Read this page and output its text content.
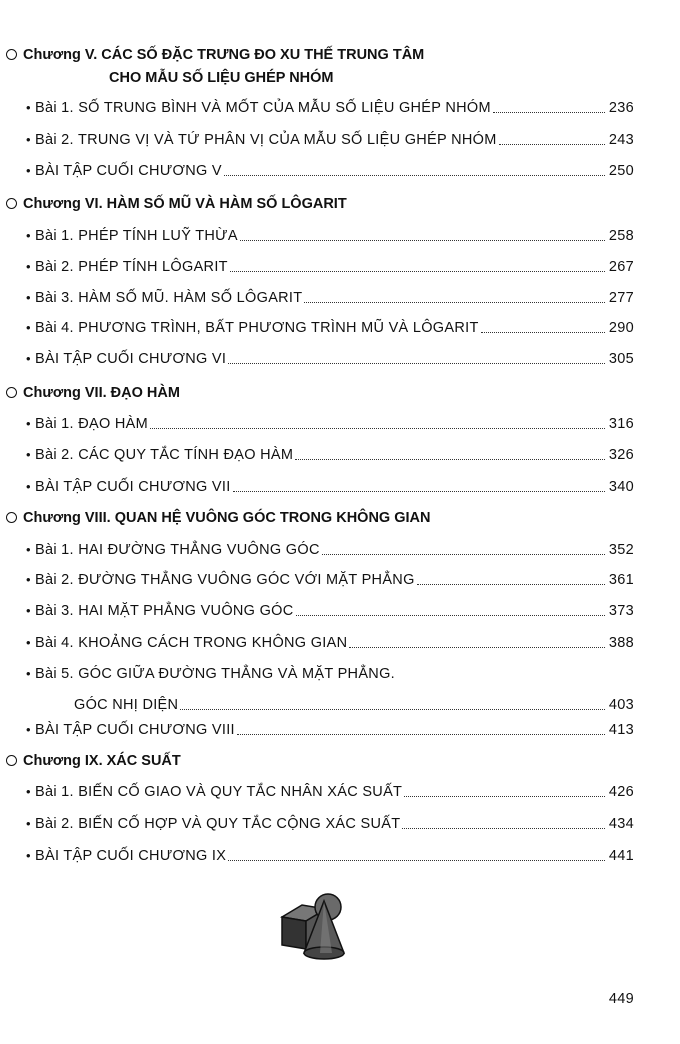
Chương V. CÁC SỐ ĐẶC TRƯNG ĐO XU THẾ TRUNG TÂM
CHO MẪU SỐ LIỆU GHÉP NHÓM
• Bài 1. SỐ TRUNG BÌNH VÀ MỐT CỦA MẪU SỐ LIỆU GHÉP NHÓM	236
• Bài 2. TRUNG VỊ VÀ TỨ PHÂN VỊ CỦA MẪU SỐ LIỆU GHÉP NHÓM	243
• BÀI TẬP CUỐI CHƯƠNG V	250
Chương VI. HÀM SỐ MŨ VÀ HÀM SỐ LÔGARIT
• Bài 1. PHÉP TÍNH LUỸ THỪA	258
• Bài 2. PHÉP TÍNH LÔGARIT	267
• Bài 3. HÀM SỐ MŨ. HÀM SỐ LÔGARIT	277
• Bài 4. PHƯƠNG TRÌNH, BẤT PHƯƠNG TRÌNH MŨ VÀ LÔGARIT	290
• BÀI TẬP CUỐI CHƯƠNG VI	305
Chương VII. ĐẠO HÀM
• Bài 1. ĐẠO HÀM	316
• Bài 2. CÁC QUY TẮC TÍNH ĐẠO HÀM	326
• BÀI TẬP CUỐI CHƯƠNG VII	340
Chương VIII. QUAN HỆ VUÔNG GÓC TRONG KHÔNG GIAN
• Bài 1. HAI ĐƯỜNG THẲNG VUÔNG GÓC	352
• Bài 2. ĐƯỜNG THẲNG VUÔNG GÓC VỚI MẶT PHẲNG	361
• Bài 3. HAI MẶT PHẲNG VUÔNG GÓC	373
• Bài 4. KHOẢNG CÁCH TRONG KHÔNG GIAN	388
• Bài 5. GÓC GIỮA ĐƯỜNG THẲNG VÀ MẶT PHẲNG.
GÓC NHỊ DIỆN	403
• BÀI TẬP CUỐI CHƯƠNG VIII	413
Chương IX. XÁC SUẤT
• Bài 1. BIẾN CỐ GIAO VÀ QUY TẮC NHÂN XÁC SUẤT	426
• Bài 2. BIẾN CỐ HỢP VÀ QUY TẮC CỘNG XÁC SUẤT	434
• BÀI TẬP CUỐI CHƯƠNG IX	441
449
